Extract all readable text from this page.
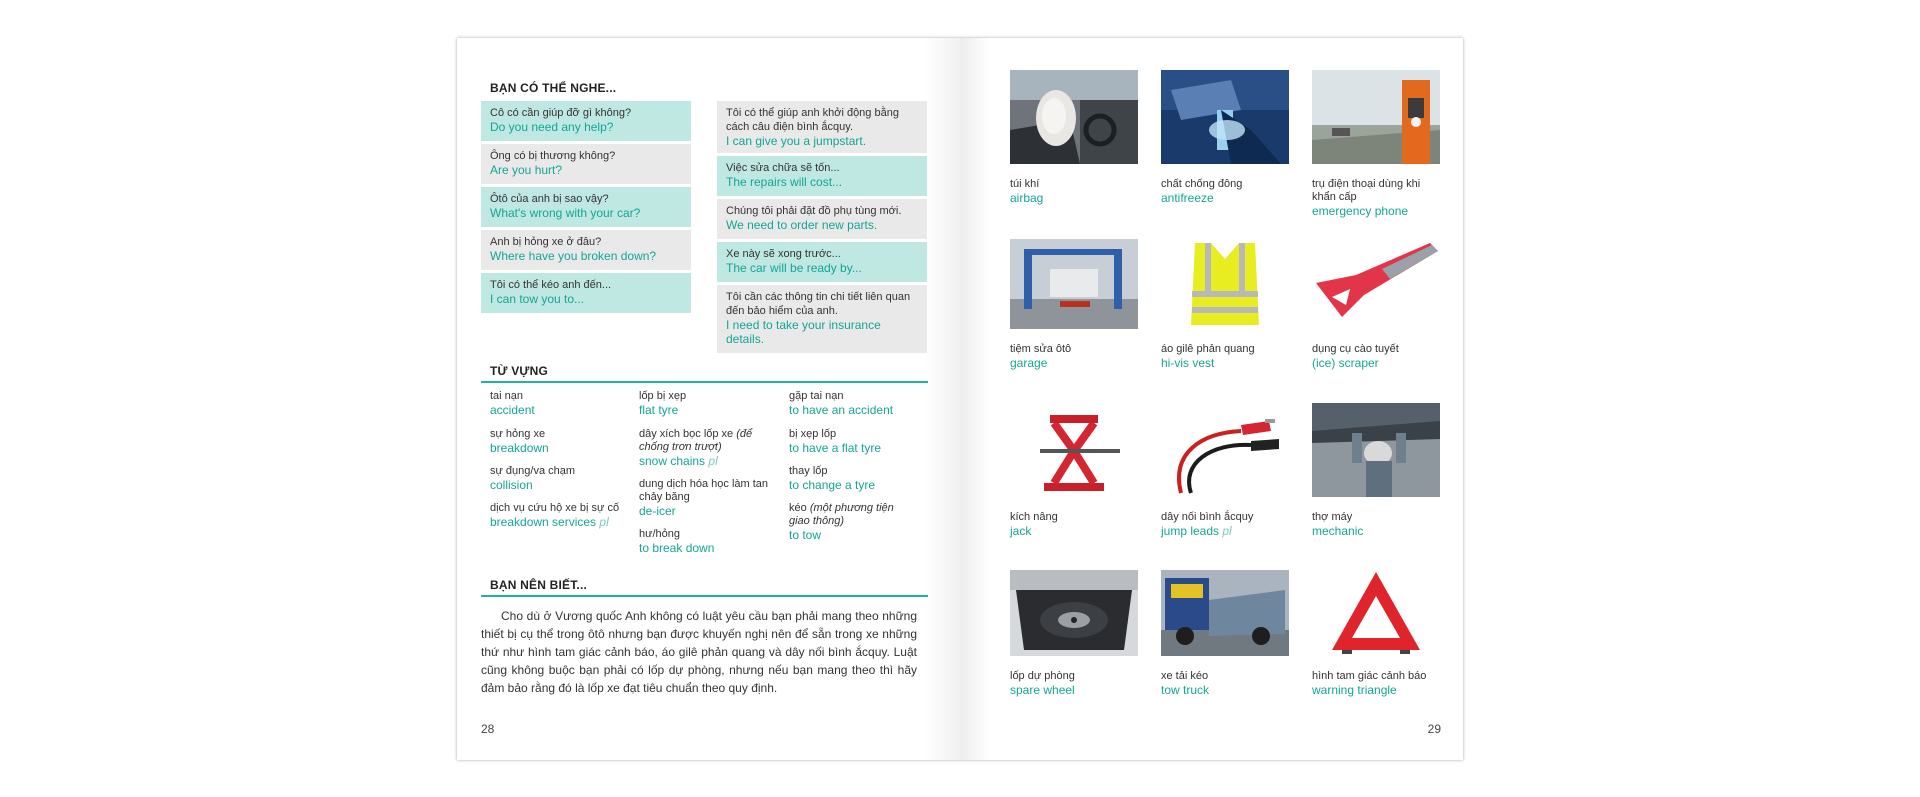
BẠN CÓ THỂ NGHE...
Cô có cần giúp đỡ gì không?
Do you need any help?
Ông có bị thương không?
Are you hurt?
Ôtô của anh bị sao vậy?
What's wrong with your car?
Anh bị hỏng xe ở đâu?
Where have you broken down?
Tôi có thể kéo anh đến...
I can tow you to...
Tôi có thể giúp anh khởi động bằng cách câu điện bình ắcquy.
I can give you a jumpstart.
Việc sửa chữa sẽ tốn...
The repairs will cost...
Chúng tôi phải đặt đồ phụ tùng mới.
We need to order new parts.
Xe này sẽ xong trước...
The car will be ready by...
Tôi cần các thông tin chi tiết liên quan đến bảo hiểm của anh.
I need to take your insurance details.
TỪ VỰNG
tai nạn
accident
sự hỏng xe
breakdown
sự đụng/va chạm
collision
dịch vụ cứu hộ xe bị sự cố
breakdown services pl
lốp bị xẹp
flat tyre
dây xích bọc lốp xe (để chống trơn trượt)
snow chains pl
dung dịch hóa học làm tan chảy băng
de-icer
hư/hỏng
to break down
gặp tai nạn
to have an accident
bị xẹp lốp
to have a flat tyre
thay lốp
to change a tyre
kéo (một phương tiện giao thông)
to tow
BẠN NÊN BIẾT...
Cho dù ở Vương quốc Anh không có luật yêu cầu bạn phải mang theo những thiết bị cụ thể trong ôtô nhưng bạn được khuyến nghị nên để sẵn trong xe những thứ như hình tam giác cảnh báo, áo gilê phản quang và dây nối bình ắcquy. Luật cũng không buộc bạn phải có lốp dự phòng, nhưng nếu bạn mang theo thì hãy đảm bảo rằng đó là lốp xe đạt tiêu chuẩn theo quy định.
28
túi khí
airbag
chất chống đông
antifreeze
trụ điện thoại dùng khi khẩn cấp
emergency phone
tiệm sửa ôtô
garage
áo gilê phản quang
hi-vis vest
dụng cụ cào tuyết
(ice) scraper
kích nâng
jack
dây nối bình ắcquy
jump leads pl
thợ máy
mechanic
lốp dự phòng
spare wheel
xe tải kéo
tow truck
hình tam giác cảnh báo
warning triangle
29
